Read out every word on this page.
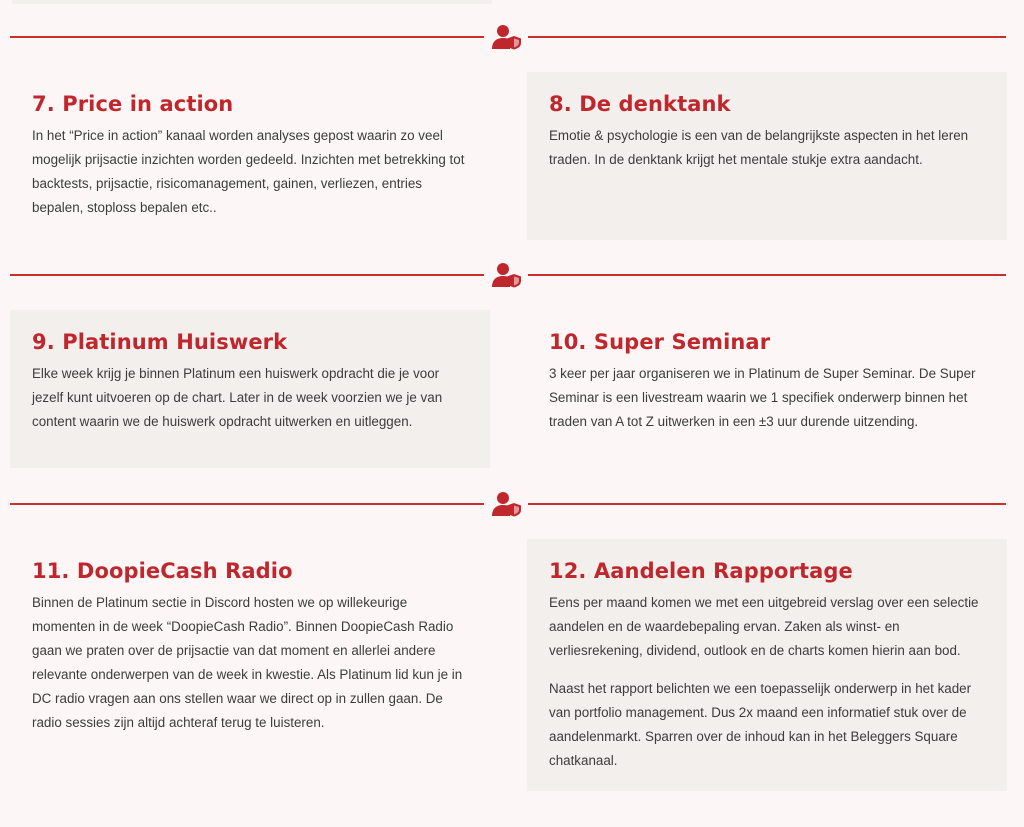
7. Price in action

In het “Price in action” kanaal worden analyses gepost waarin zo veel mogelijk prijsactie inzichten worden gedeeld. Inzichten met betrekking tot backtests, prijsactie, risicomanagement, gainen, verliezen, entries bepalen, stoploss bepalen etc..

8. De denktank

Emotie & psychologie is een van de belangrijkste aspecten in het leren traden. In de denktank krijgt het mentale stukje extra aandacht.

9. Platinum Huiswerk

Elke week krijg je binnen Platinum een huiswerk opdracht die je voor jezelf kunt uitvoeren op de chart. Later in de week voorzien we je van content waarin we de huiswerk opdracht uitwerken en uitleggen.

10. Super Seminar

3 keer per jaar organiseren we in Platinum de Super Seminar. De Super Seminar is een livestream waarin we 1 specifiek onderwerp binnen het traden van A tot Z uitwerken in een ±3 uur durende uitzending.

11. DoopieCash Radio

Binnen de Platinum sectie in Discord hosten we op willekeurige momenten in de week “DoopieCash Radio”. Binnen DoopieCash Radio gaan we praten over de prijsactie van dat moment en allerlei andere relevante onderwerpen van de week in kwestie. Als Platinum lid kun je in DC radio vragen aan ons stellen waar we direct op in zullen gaan. De radio sessies zijn altijd achteraf terug te luisteren.

12. Aandelen Rapportage

Eens per maand komen we met een uitgebreid verslag over een selectie aandelen en de waardebepaling ervan. Zaken als winst- en verliesrekening, dividend, outlook en de charts komen hierin aan bod.

Naast het rapport belichten we een toepasselijk onderwerp in het kader van portfolio management. Dus 2x maand een informatief stuk over de aandelenmarkt. Sparren over de inhoud kan in het Beleggers Square chatkanaal.
